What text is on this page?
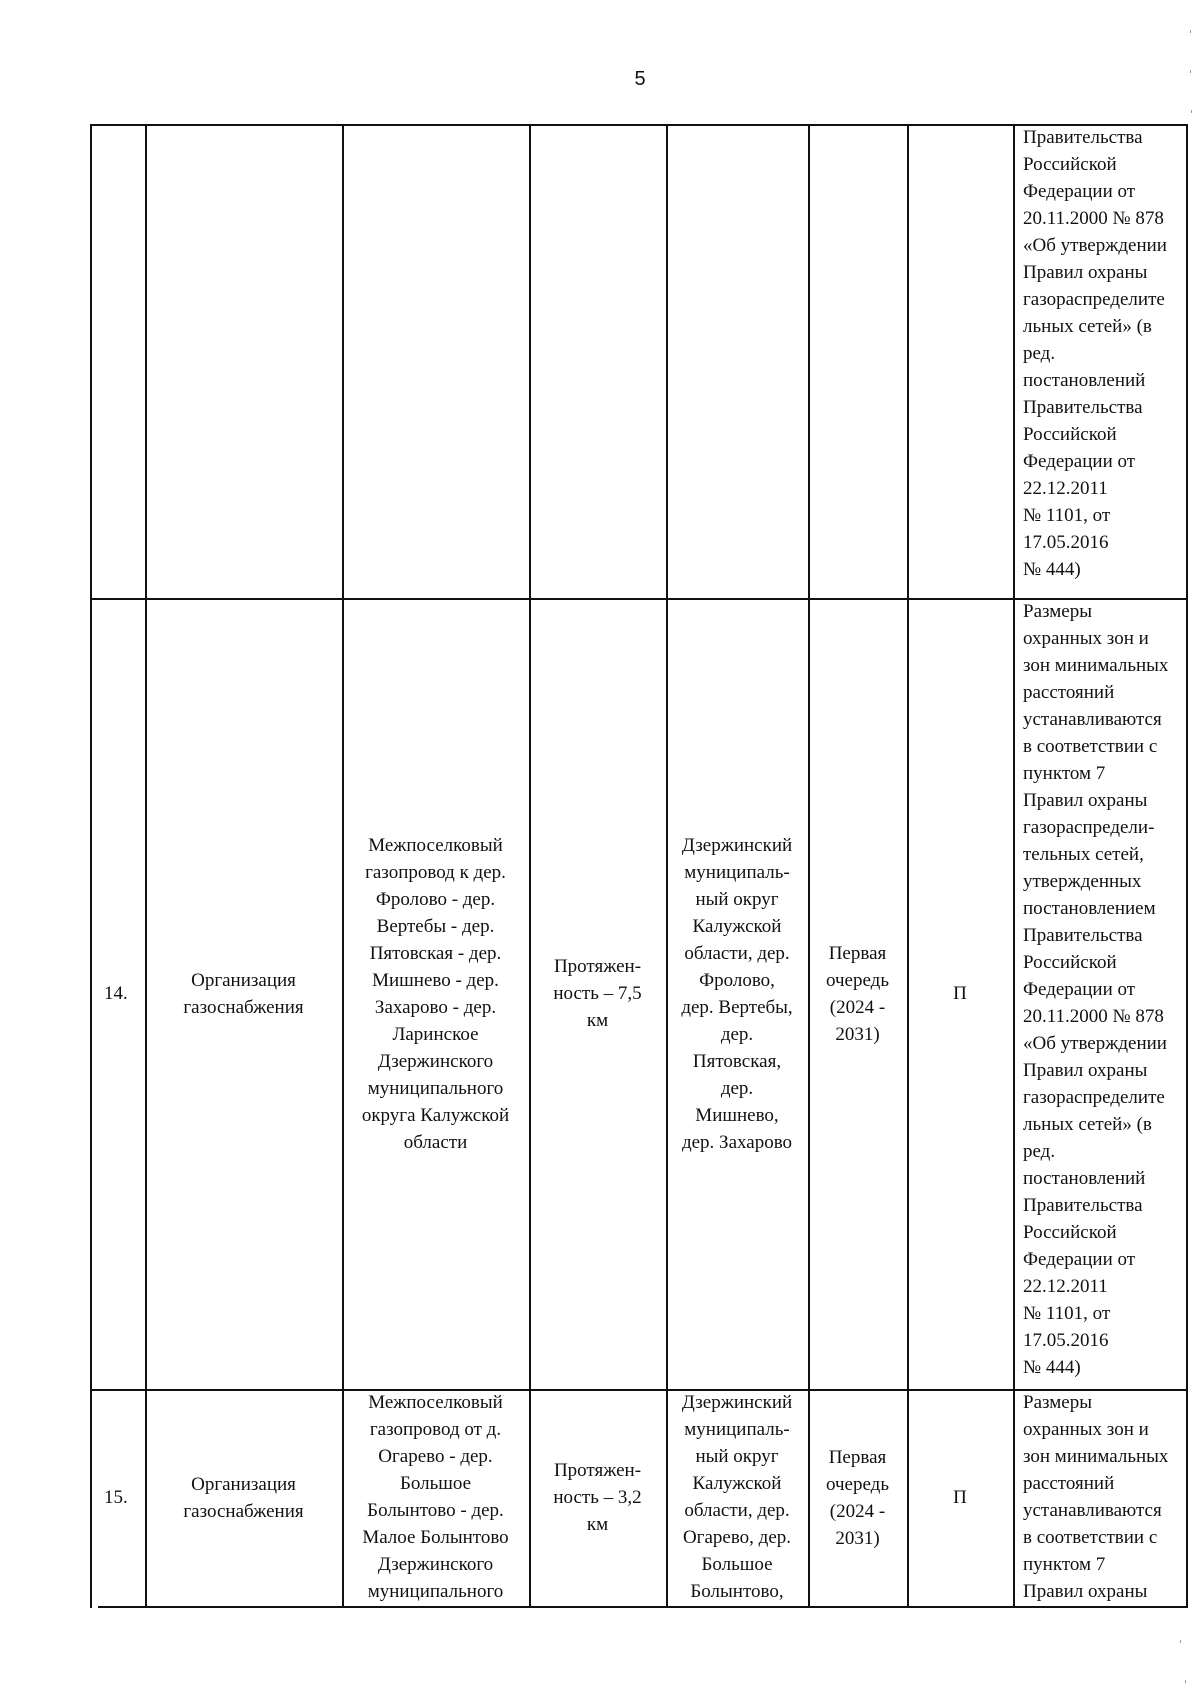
5
Правительства
Российской
Федерации от
20.11.2000 № 878
«Об утверждении
Правил охраны
газораспределите
льных сетей» (в
ред.
постановлений
Правительства
Российской
Федерации от
22.12.2011
№ 1101, от
17.05.2016
№ 444)
14.
Организация
газоснабжения
Межпоселковый
газопровод к дер.
Фролово - дер.
Вертебы - дер.
Пятовская - дер.
Мишнево - дер.
Захарово - дер.
Ларинское
Дзержинского
муниципального
округа Калужской
области
Протяжен-
ность – 7,5
км
Дзержинский
муниципаль-
ный округ
Калужской
области, дер.
Фролово,
дер. Вертебы,
дер.
Пятовская,
дер.
Мишнево,
дер. Захарово
Первая
очередь
(2024 -
2031)
П
Размеры
охранных зон и
зон минимальных
расстояний
устанавливаются
в соответствии с
пунктом 7
Правил охраны
газораспредели-
тельных сетей,
утвержденных
постановлением
Правительства
Российской
Федерации от
20.11.2000 № 878
«Об утверждении
Правил охраны
газораспределите
льных сетей» (в
ред.
постановлений
Правительства
Российской
Федерации от
22.12.2011
№ 1101, от
17.05.2016
№ 444)
15.
Организация
газоснабжения
Межпоселковый
газопровод от д.
Огарево - дер.
Большое
Болынтово - дер.
Малое Болынтово
Дзержинского
муниципального
Протяжен-
ность – 3,2
км
Дзержинский
муниципаль-
ный округ
Калужской
области, дер.
Огарево, дер.
Большое
Болынтово,
Первая
очередь
(2024 -
2031)
П
Размеры
охранных зон и
зон минимальных
расстояний
устанавливаются
в соответствии с
пунктом 7
Правил охраны
